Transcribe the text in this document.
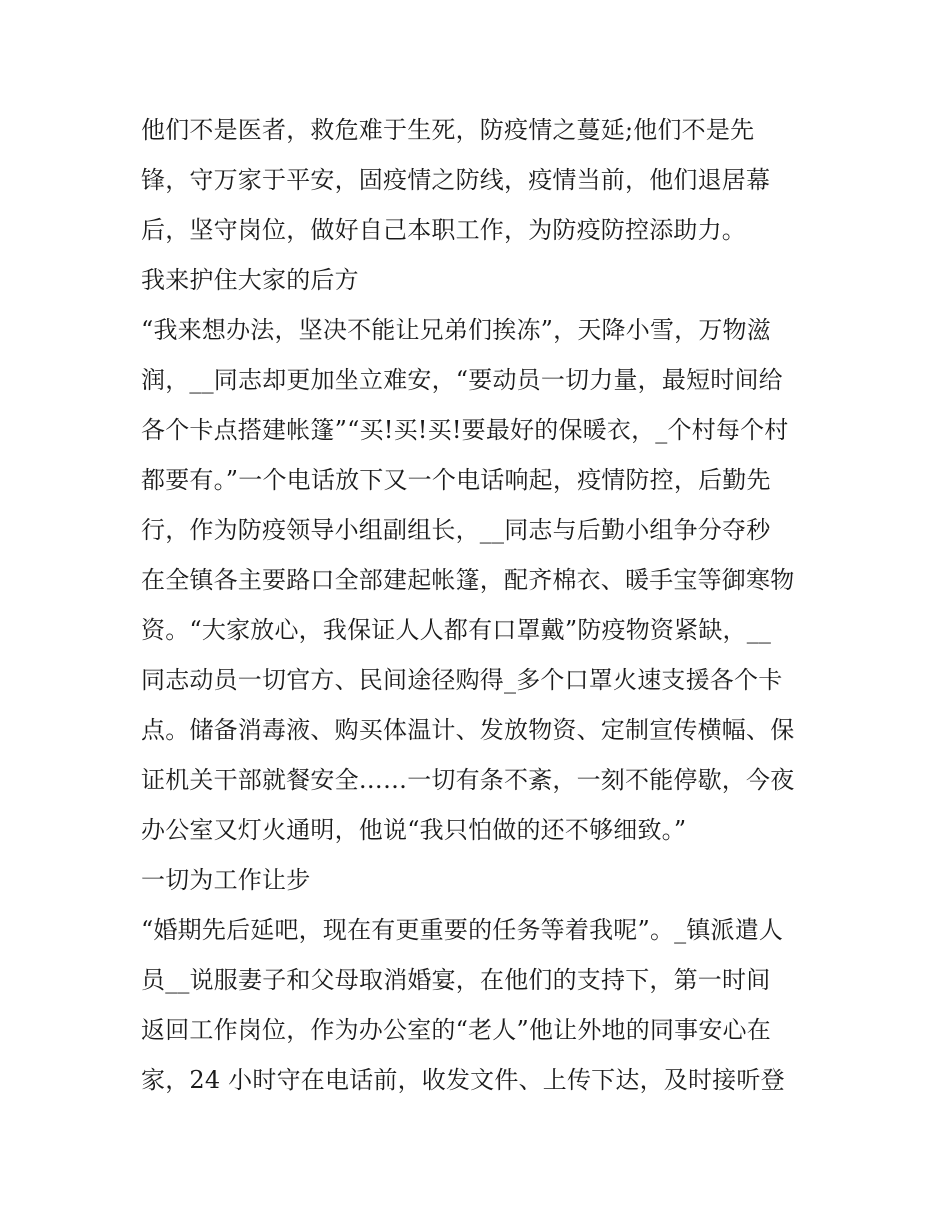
他们不是医者，救危难于生死，防疫情之蔓延;他们不是先
锋，守万家于平安，固疫情之防线，疫情当前，他们退居幕
后，坚守岗位，做好自己本职工作，为防疫防控添助力。
我来护住大家的后方
“我来想办法，坚决不能让兄弟们挨冻”，天降小雪，万物滋
润，__同志却更加坐立难安，“要动员一切力量，最短时间给
各个卡点搭建帐篷”“买!买!买!要最好的保暖衣，_个村每个村
都要有。”一个电话放下又一个电话响起，疫情防控，后勤先
行，作为防疫领导小组副组长，__同志与后勤小组争分夺秒
在全镇各主要路口全部建起帐篷，配齐棉衣、暖手宝等御寒物
资。“大家放心，我保证人人都有口罩戴”防疫物资紧缺，__
同志动员一切官方、民间途径购得_多个口罩火速支援各个卡
点。储备消毒液、购买体温计、发放物资、定制宣传横幅、保
证机关干部就餐安全……一切有条不紊，一刻不能停歇，今夜
办公室又灯火通明，他说“我只怕做的还不够细致。”
一切为工作让步
“婚期先后延吧，现在有更重要的任务等着我呢”。_镇派遣人
员__说服妻子和父母取消婚宴，在他们的支持下，第一时间
返回工作岗位，作为办公室的“老人”他让外地的同事安心在
家，24 小时守在电话前，收发文件、上传下达，及时接听登
